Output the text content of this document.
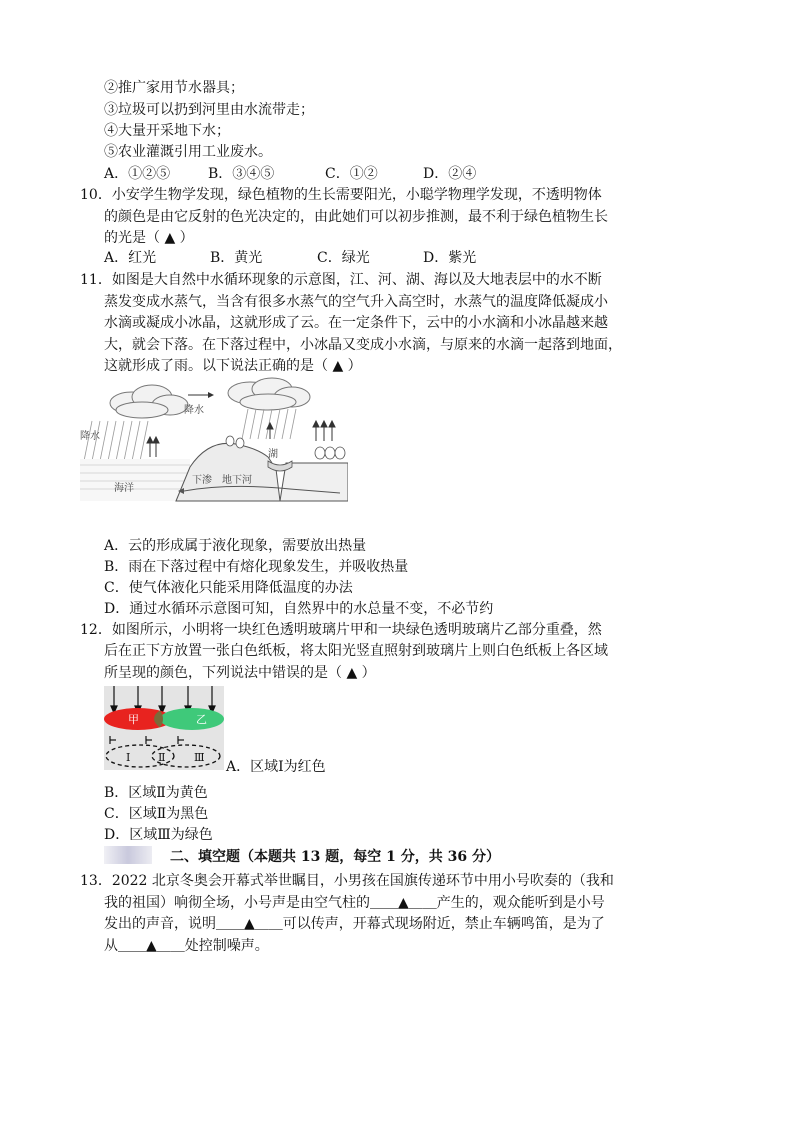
②推广家用节水器具；
③垃圾可以扔到河里由水流带走；
④大量开采地下水；
⑤农业灌溉引用工业废水。
A．①②⑤	B．③④⑤	C．①②	D．②④
10．小安学生物学发现，绿色植物的生长需要阳光，小聪学物理学发现，不透明物体
的颜色是由它反射的色光决定的，由此她们可以初步推测，最不利于绿色植物生长
的光是（ ▲ ）
A．红光	B．黄光	C．绿光	D．紫光
11．如图是大自然中水循环现象的示意图，江、河、湖、海以及大地表层中的水不断
蒸发变成水蒸气，当含有很多水蒸气的空气升入高空时，水蒸气的温度降低凝成小
水滴或凝成小冰晶，这就形成了云。在一定条件下，云中的小水滴和小冰晶越来越
大，就会下落。在下落过程中，小冰晶又变成小水滴，与原来的水滴一起落到地面，
这就形成了雨。以下说法正确的是（ ▲ ）
降水
降水
湖
海洋
下渗 地下河
A．云的形成属于液化现象，需要放出热量
B．雨在下落过程中有熔化现象发生，并吸收热量
C．使气体液化只能采用降低温度的办法
D．通过水循环示意图可知，自然界中的水总量不变，不必节约
12．如图所示，小明将一块红色透明玻璃片甲和一块绿色透明玻璃片乙部分重叠，然
后在正下方放置一张白色纸板，将太阳光竖直照射到玻璃片上则白色纸板上各区域
所呈现的颜色，下列说法中错误的是（ ▲ ）
甲	乙
Ⅰ	Ⅱ	Ⅲ
A．区域Ⅰ为红色
B．区域Ⅱ为黄色
C．区域Ⅱ为黑色
D．区域Ⅲ为绿色
二、填空题（本题共 13 题，每空 1 分，共 36 分）
13．2022 北京冬奥会开幕式举世瞩目，小男孩在国旗传递环节中用小号吹奏的（我和
我的祖国）响彻全场，小号声是由空气柱的＿＿▲＿＿产生的，观众能听到是小号
发出的声音，说明＿＿▲＿＿可以传声，开幕式现场附近，禁止车辆鸣笛，是为了
从＿＿▲＿＿处控制噪声。
